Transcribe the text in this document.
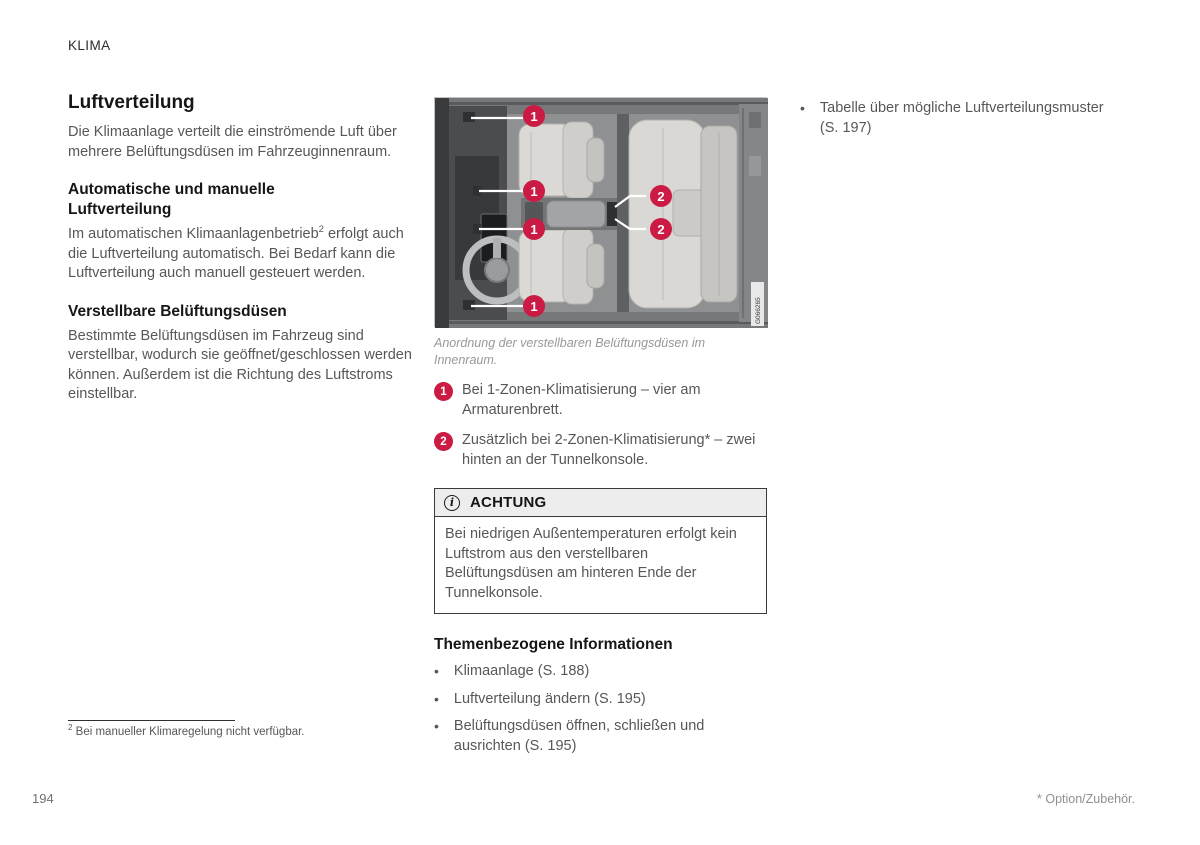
KLIMA
Luftverteilung

Die Klimaanlage verteilt die einströmende Luft über mehrere Belüftungsdüsen im Fahrzeuginnenraum.

Automatische und manuelle Luftverteilung

Im automatischen Klimaanlagenbetrieb$^2$ erfolgt auch die Luftverteilung automatisch. Bei Bedarf kann die Luftverteilung auch manuell gesteuert werden.

Verstellbare Belüftungsdüsen

Bestimmte Belüftungsdüsen im Fahrzeug sind verstellbar, wodurch sie geöffnet/geschlossen werden können. Außerdem ist die Richtung des Luftstroms einstellbar.

G066265
1
1
1
1
2
2
Anordnung der verstellbaren Belüftungsdüsen im Innenraum.
1	Bei 1-Zonen-Klimatisierung – vier am Armaturenbrett.
2	Zusätzlich bei 2-Zonen-Klimatisierung* – zwei hinten an der Tunnelkonsole.
i	ACHTUNG
Bei niedrigen Außentemperaturen erfolgt kein Luftstrom aus den verstellbaren Belüftungsdüsen am hinteren Ende der Tunnelkonsole.
Themenbezogene Informationen
• Klimaanlage (S. 188)
• Luftverteilung ändern (S. 195)
• Belüftungsdüsen öffnen, schließen und ausrichten (S. 195)
• Tabelle über mögliche Luftverteilungsmuster (S. 197)
$^2$ Bei manueller Klimaregelung nicht verfügbar.
194	* Option/Zubehör.
